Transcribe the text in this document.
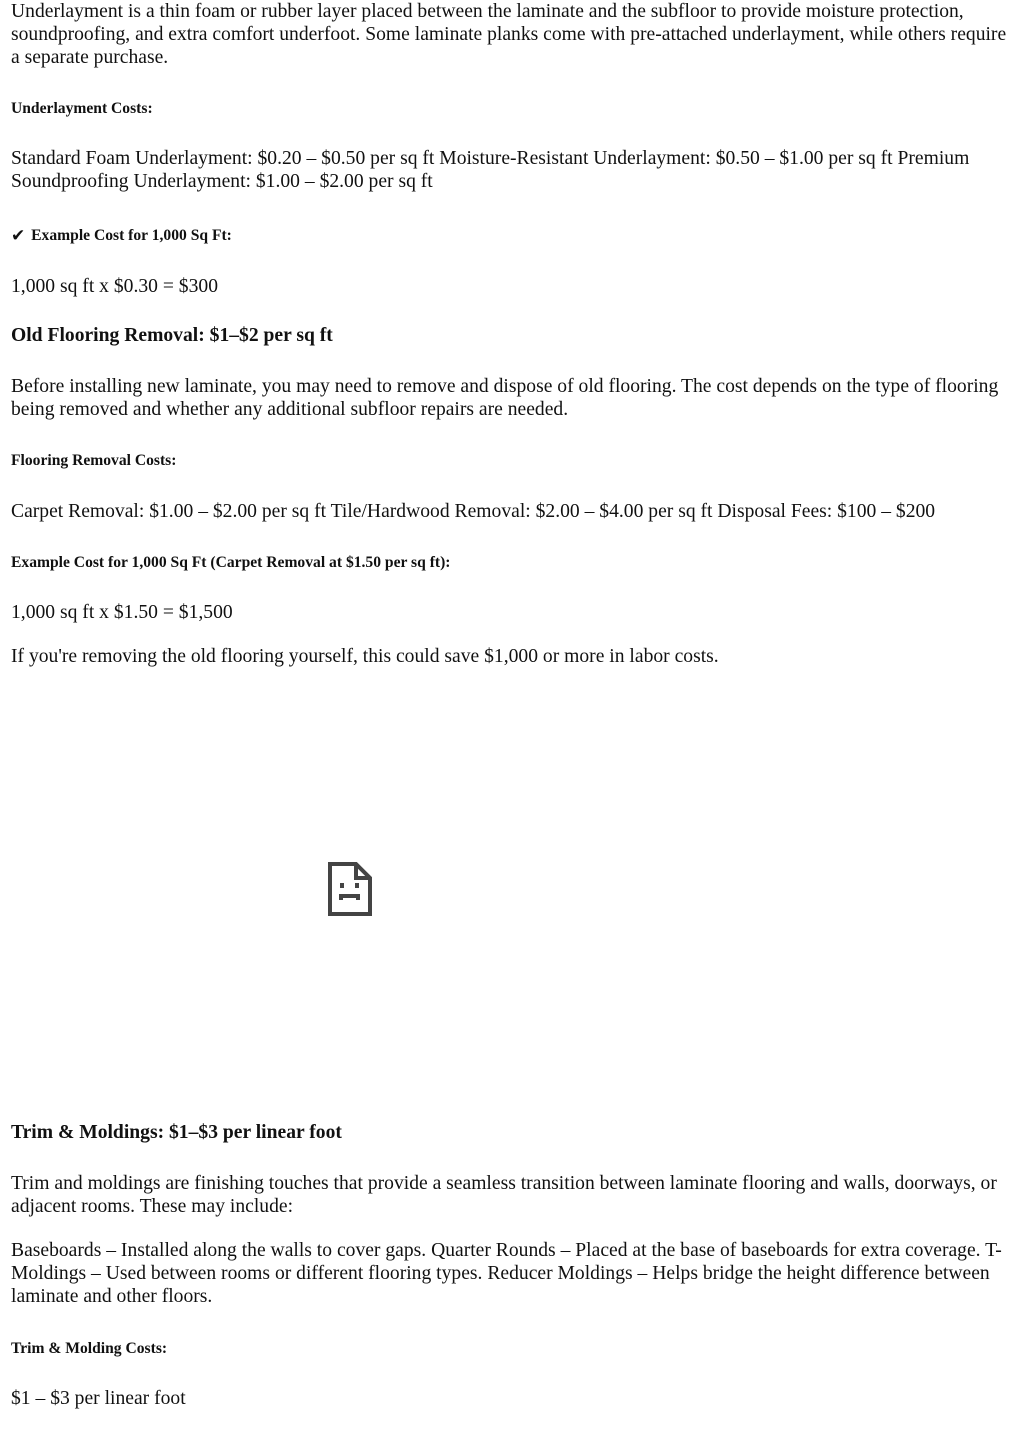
Underlayment is a thin foam or rubber layer placed between the laminate and the subfloor to provide moisture protection, soundproofing, and extra comfort underfoot. Some laminate planks come with pre-attached underlayment, while others require a separate purchase.

Underlayment Costs:

Standard Foam Underlayment: $0.20 – $0.50 per sq ft Moisture-Resistant Underlayment: $0.50 – $1.00 per sq ft Premium Soundproofing Underlayment: $1.00 – $2.00 per sq ft

✔ Example Cost for 1,000 Sq Ft:

1,000 sq ft x $0.30 = $300

Old Flooring Removal: $1–$2 per sq ft

Before installing new laminate, you may need to remove and dispose of old flooring. The cost depends on the type of flooring being removed and whether any additional subfloor repairs are needed.

Flooring Removal Costs:

Carpet Removal: $1.00 – $2.00 per sq ft Tile/Hardwood Removal: $2.00 – $4.00 per sq ft Disposal Fees: $100 – $200

Example Cost for 1,000 Sq Ft (Carpet Removal at $1.50 per sq ft):

1,000 sq ft x $1.50 = $1,500

If you're removing the old flooring yourself, this could save $1,000 or more in labor costs.

Trim & Moldings: $1–$3 per linear foot

Trim and moldings are finishing touches that provide a seamless transition between laminate flooring and walls, doorways, or adjacent rooms. These may include:

Baseboards – Installed along the walls to cover gaps. Quarter Rounds – Placed at the base of baseboards for extra coverage. T-Moldings – Used between rooms or different flooring types. Reducer Moldings – Helps bridge the height difference between laminate and other floors.

Trim & Molding Costs:

$1 – $3 per linear foot
